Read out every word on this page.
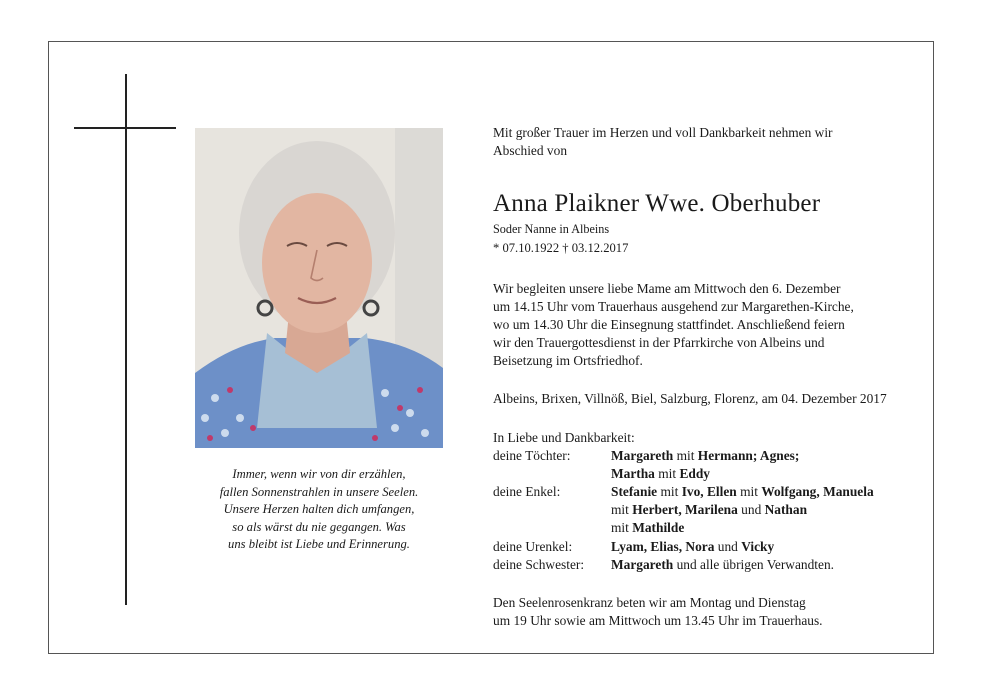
Immer, wenn wir von dir erzählen,
fallen Sonnenstrahlen in unsere Seelen.
Unsere Herzen halten dich umfangen,
so als wärst du nie gegangen. Was
uns bleibt ist Liebe und Erinnerung.
Mit großer Trauer im Herzen und voll Dankbarkeit nehmen wir
Abschied von
Anna Plaikner Wwe. Oberhuber
Soder Nanne in Albeins
* 07.10.1922 † 03.12.2017
Wir begleiten unsere liebe Mame am Mittwoch den 6. Dezember
um 14.15 Uhr vom Trauerhaus ausgehend zur Margarethen-Kirche,
wo um 14.30 Uhr die Einsegnung stattfindet. Anschließend feiern
wir den Trauergottesdienst in der Pfarrkirche von Albeins und
Beisetzung im Ortsfriedhof.
Albeins, Brixen, Villnöß, Biel, Salzburg, Florenz, am 04. Dezember 2017
In Liebe und Dankbarkeit:
deine Töchter:	Margareth mit Hermann; Agnes;
Martha mit Eddy
deine Enkel:	Stefanie mit Ivo, Ellen mit Wolfgang, Manuela
mit Herbert, Marilena und Nathan
mit Mathilde
deine Urenkel:	Lyam, Elias, Nora und Vicky
deine Schwester: Margareth und alle übrigen Verwandten.
Den Seelenrosenkranz beten wir am Montag und Dienstag
um 19 Uhr sowie am Mittwoch um 13.45 Uhr im Trauerhaus.
